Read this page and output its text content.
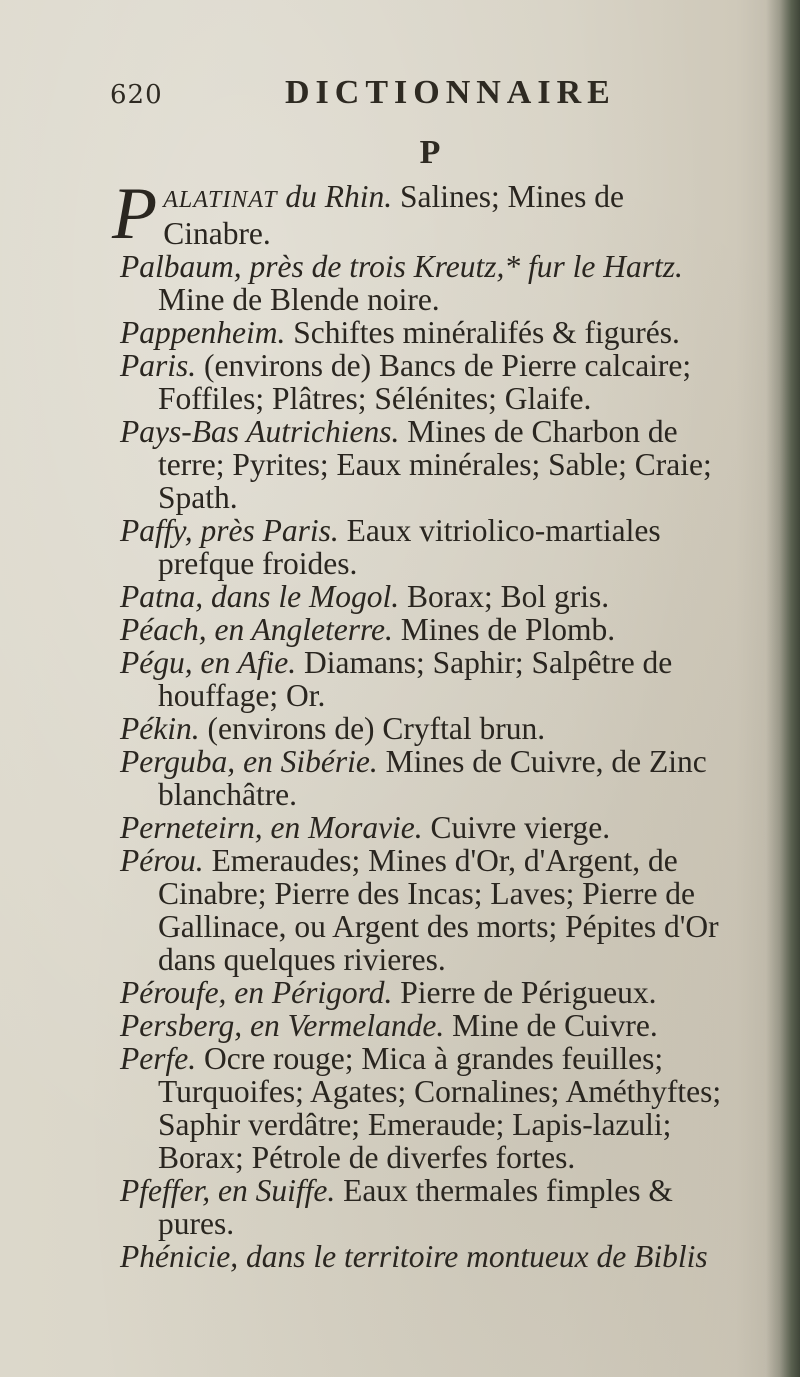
620	DICTIONNAIRE
P

P ALATINAT du Rhin. Salines; Mines de Cinabre.

Palbaum, près de trois Kreutz,* fur le Hartz. Mine de Blende noire.

Pappenheim. Schiftes minéralifés & figurés.

Paris. (environs de) Bancs de Pierre calcaire; Foffiles; Plâtres; Sélénites; Glaife.

Pays-Bas Autrichiens. Mines de Charbon de terre; Pyrites; Eaux minérales; Sable; Craie; Spath.

Paffy, près Paris. Eaux vitriolico-martiales prefque froides.

Patna, dans le Mogol. Borax; Bol gris.

Péach, en Angleterre. Mines de Plomb.

Pégu, en Afie. Diamans; Saphir; Salpêtre de houffage; Or.

Pékin. (environs de) Cryftal brun.

Perguba, en Sibérie. Mines de Cuivre, de Zinc blanchâtre.

Perneteirn, en Moravie. Cuivre vierge.

Pérou. Emeraudes; Mines d'Or, d'Argent, de Cinabre; Pierre des Incas; Laves; Pierre de Gallinace, ou Argent des morts; Pépites d'Or dans quelques rivieres.

Péroufe, en Périgord. Pierre de Périgueux.

Persberg, en Vermelande. Mine de Cuivre.

Perfe. Ocre rouge; Mica à grandes feuilles; Turquoifes; Agates; Cornalines; Améthyftes; Saphir verdâtre; Emeraude; Lapis-lazuli; Borax; Pétrole de diverfes fortes.

Pfeffer, en Suiffe. Eaux thermales fimples & pures.

Phénicie, dans le territoire montueux de Biblis
